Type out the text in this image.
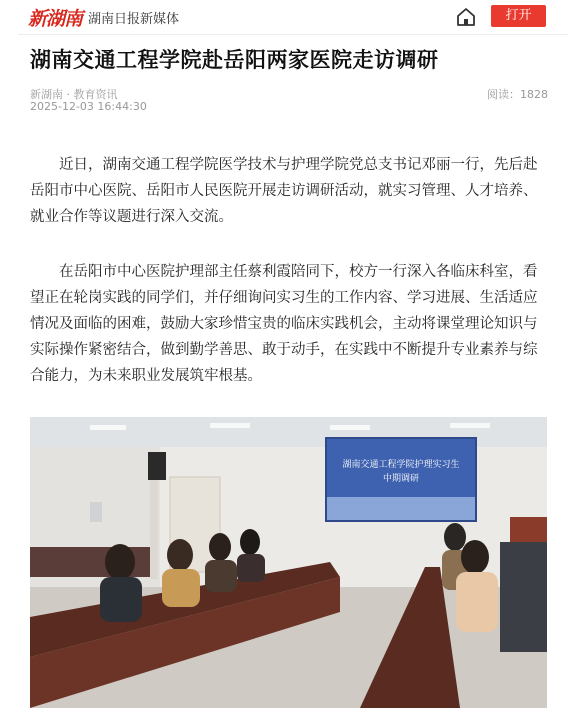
新湖南 湖南日报新媒体	打开
湖南交通工程学院赴岳阳两家医院走访调研
新湖南 · 教育资讯
2025-12-03 16:44:30
阅读：1828

近日，湖南交通工程学院医学技术与护理学院党总支书记邓丽一行，先后赴岳阳市中心医院、岳阳市人民医院开展走访调研活动，就实习管理、人才培养、就业合作等议题进行深入交流。

在岳阳市中心医院护理部主任蔡利霞陪同下，校方一行深入各临床科室，看望正在轮岗实践的同学们，并仔细询问实习生的工作内容、学习进展、生活适应情况及面临的困难，鼓励大家珍惜宝贵的临床实践机会，主动将课堂理论知识与实际操作紧密结合，做到勤学善思、敢于动手，在实践中不断提升专业素养与综合能力，为未来职业发展筑牢根基。

湖南交通工程学院护理实习生
中期调研
